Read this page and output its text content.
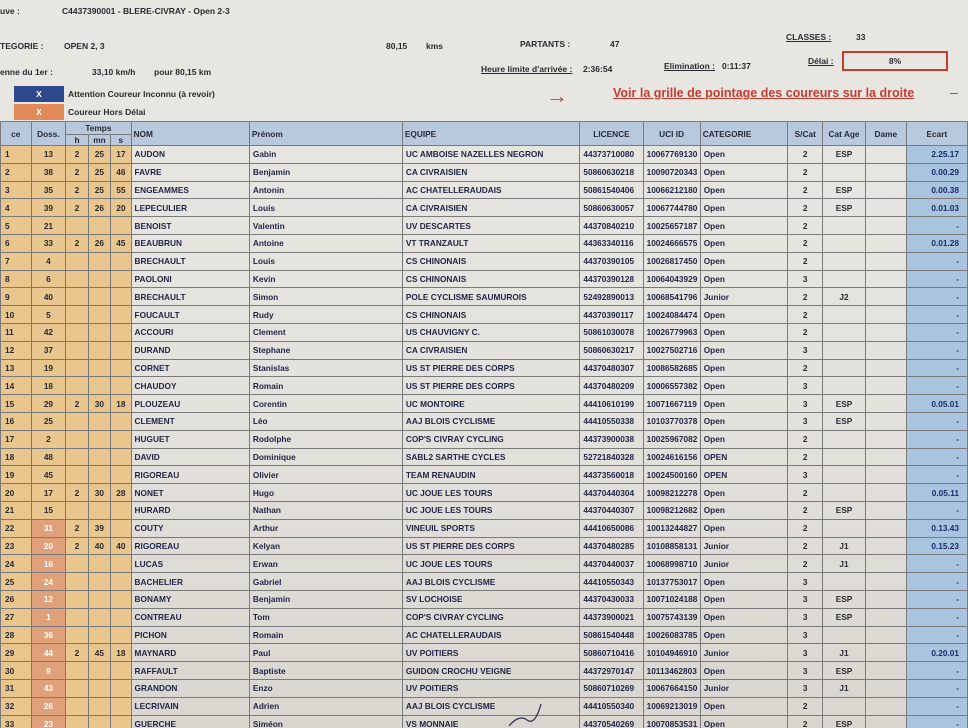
uve :	C4437390001 - BLERE-CIVRAY - Open 2-3
TEGORIE : OPEN 2, 3	80,15 kms	PARTANTS :	47
CLASSES :	33
enne du 1er :	33,10 km/h pour 80,15 km	Heure limite d'arrivée : 2:36:54	Elimination : 0:11:37	Délai :	8%
X	Attention Coureur Inconnu (à revoir)
X	Coureur Hors Délai
→	Voir la grille de pointage des coureurs sur la droite	–
ce	Doss.	Temps			NOM	Prénom	EQUIPE	LICENCE	UCI ID	CATEGORIE	S/Cat	Cat Age	Dame	Ecart
		h	mn	s										
1	13	2	25	17	AUDON	Gabin	UC AMBOISE NAZELLES NEGRON	44373710080	10067769130	Open	2	ESP		2.25.17
2	38	2	25	46	FAVRE	Benjamin	CA CIVRAISIEN	50860630218	10090720343	Open	2			0.00.29
3	35	2	25	55	ENGEAMMES	Antonin	AC CHATELLERAUDAIS	50861540406	10066212180	Open	2	ESP		0.00.38
4	39	2	26	20	LEPECULIER	Louis	CA CIVRAISIEN	50860630057	10067744780	Open	2	ESP		0.01.03
5	21				BENOIST	Valentin	UV DESCARTES	44370840210	10025657187	Open	2			-
6	33	2	26	45	BEAUBRUN	Antoine	VT TRANZAULT	44363340116	10024666575	Open	2			0.01.28
7	4				BRECHAULT	Louis	CS CHINONAIS	44370390105	10026817450	Open	2			-
8	6				PAOLONI	Kevin	CS CHINONAIS	44370390128	10064043929	Open	3			-
9	40				BRECHAULT	Simon	POLE CYCLISME SAUMUROIS	52492890013	10068541796	Junior	2	J2		-
10	5				FOUCAULT	Rudy	CS CHINONAIS	44370390117	10024084474	Open	2			-
11	42				ACCOURI	Clement	US CHAUVIGNY C.	50861030078	10026779963	Open	2			-
12	37				DURAND	Stephane	CA CIVRAISIEN	50860630217	10027502716	Open	3			-
13	19				CORNET	Stanislas	US ST PIERRE DES CORPS	44370480307	10086582685	Open	2			-
14	18				CHAUDOY	Romain	US ST PIERRE DES CORPS	44370480209	10006557382	Open	3			-
15	29	2	30	18	PLOUZEAU	Corentin	UC MONTOIRE	44410610199	10071667119	Open	3	ESP		0.05.01
16	25				CLEMENT	Léo	AAJ BLOIS CYCLISME	44410550338	10103770378	Open	3	ESP		-
17	2				HUGUET	Rodolphe	COP'S CIVRAY CYCLING	44373900038	10025967082	Open	2			-
18	48				DAVID	Dominique	SABL2 SARTHE CYCLES	52721840328	10024616156	OPEN	2			-
19	45				RIGOREAU	Olivier	TEAM RENAUDIN	44373560018	10024500160	OPEN	3			-
20	17	2	30	28	NONET	Hugo	UC JOUE LES TOURS	44370440304	10098212278	Open	2			0.05.11
21	15				HURARD	Nathan	UC JOUE LES TOURS	44370440307	10098212682	Open	2	ESP		-
22	31	2	39		COUTY	Arthur	VINEUIL SPORTS	44410650086	10013244827	Open	2			0.13.43
23	20	2	40	40	RIGOREAU	Kelyan	US ST PIERRE DES CORPS	44370480285	10108858131	Junior	2	J1		0.15.23
24	16				LUCAS	Erwan	UC JOUE LES TOURS	44370440037	10068998710	Junior	2	J1		-
25	24				BACHELIER	Gabriel	AAJ BLOIS CYCLISME	44410550343	10137753017	Open	3			-
26	12				BONAMY	Benjamin	SV LOCHOISE	44370430033	10071024188	Open	3	ESP		-
27	1				CONTREAU	Tom	COP'S CIVRAY CYCLING	44373900021	10075743139	Open	3	ESP		-
28	36				PICHON	Romain	AC CHATELLERAUDAIS	50861540448	10026083785	Open	3			-
29	44	2	45	18	MAYNARD	Paul	UV POITIERS	50860710416	10104946910	Junior	3	J1		0.20.01
30	9				RAFFAULT	Baptiste	GUIDON CROCHU VEIGNE	44372970147	10113462803	Open	3	ESP		-
31	43				GRANDON	Enzo	UV POITIERS	50860710269	10067664150	Junior	3	J1		-
32	26				LECRIVAIN	Adrien	AAJ BLOIS CYCLISME	44410550340	10069213019	Open	2			-
33	23				GUERCHE	Siméon	VS MONNAIE	44370540269	10070853531	Open	2	ESP		-
